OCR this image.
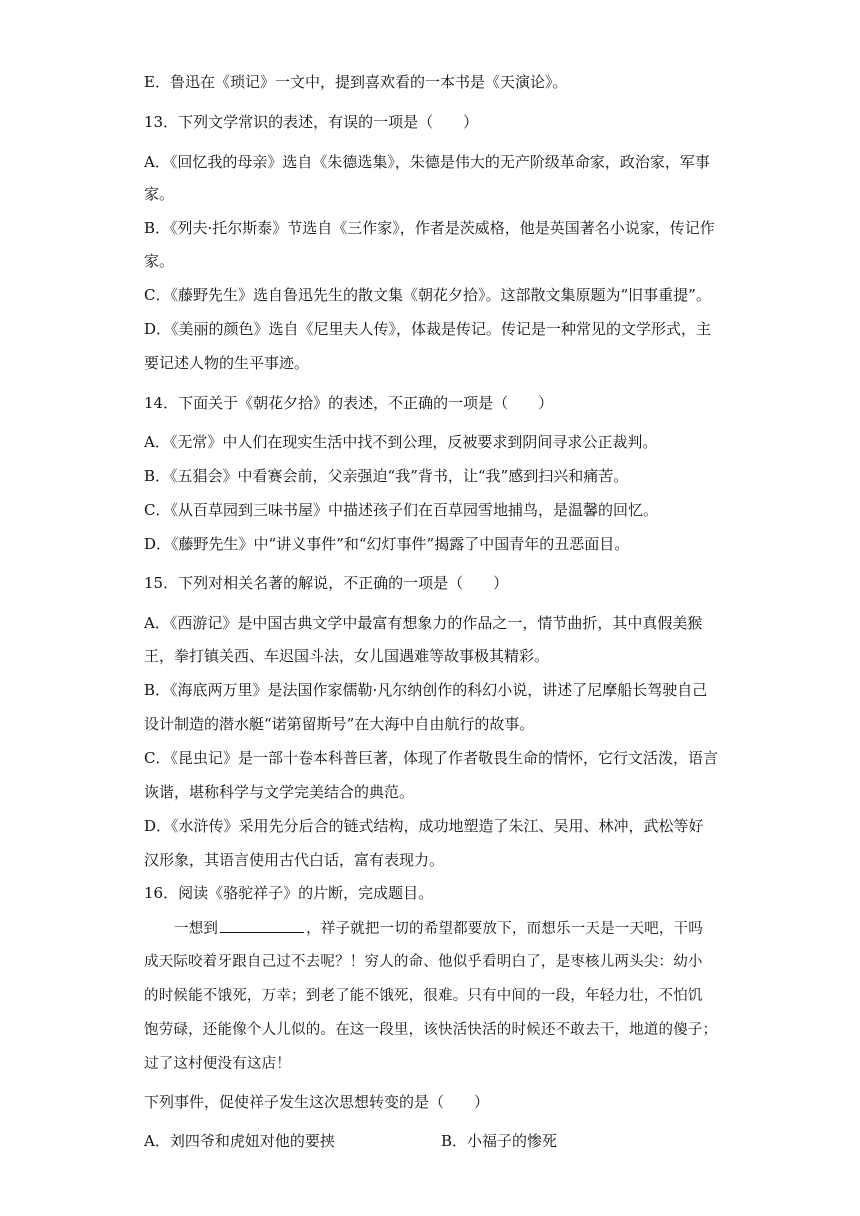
E．鲁迅在《琐记》一文中，提到喜欢看的一本书是《天演论》。
13．下列文学常识的表述，有误的一项是（　　）
A．《回忆我的母亲》选自《朱德选集》，朱德是伟大的无产阶级革命家，政治家，军事
家。
B．《列夫·托尔斯泰》节选自《三作家》，作者是茨威格，他是英国著名小说家，传记作
家。
C．《藤野先生》选自鲁迅先生的散文集《朝花夕拾》。这部散文集原题为“旧事重提”。
D．《美丽的颜色》选自《尼里夫人传》，体裁是传记。传记是一种常见的文学形式，主
要记述人物的生平事迹。
14．下面关于《朝花夕拾》的表述，不正确的一项是（　　）
A．《无常》中人们在现实生活中找不到公理，反被要求到阴间寻求公正裁判。
B．《五猖会》中看赛会前，父亲强迫“我”背书，让“我”感到扫兴和痛苦。
C．《从百草园到三味书屋》中描述孩子们在百草园雪地捕鸟，是温馨的回忆。
D．《藤野先生》中“讲义事件”和“幻灯事件”揭露了中国青年的丑恶面目。
15．下列对相关名著的解说，不正确的一项是（　　）
A．《西游记》是中国古典文学中最富有想象力的作品之一，情节曲折，其中真假美猴
王，拳打镇关西、车迟国斗法，女儿国遇难等故事极其精彩。
B．《海底两万里》是法国作家儒勒·凡尔纳创作的科幻小说，讲述了尼摩船长驾驶自己
设计制造的潜水艇“诺第留斯号”在大海中自由航行的故事。
C．《昆虫记》是一部十卷本科普巨著，体现了作者敬畏生命的情怀，它行文活泼，语言
诙谐，堪称科学与文学完美结合的典范。
D．《水浒传》采用先分后合的链式结构，成功地塑造了朱江、吴用、林冲，武松等好
汉形象，其语言使用古代白话，富有表现力。
16．阅读《骆驼祥子》的片断，完成题目。
一想到	，祥子就把一切的希望都要放下，而想乐一天是一天吧，干吗
成天际咬着牙跟自己过不去呢？！穷人的命、他似乎看明白了，是枣核儿两头尖：幼小
的时候能不饿死，万幸；到老了能不饿死，很难。只有中间的一段，年轻力壮，不怕饥
饱劳碌，还能像个人儿似的。在这一段里，该快活快活的时候还不敢去干，地道的傻子；
过了这村便没有这店！
下列事件，促使祥子发生这次思想转变的是（　　）
A．刘四爷和虎妞对他的要挟	B．小福子的惨死
